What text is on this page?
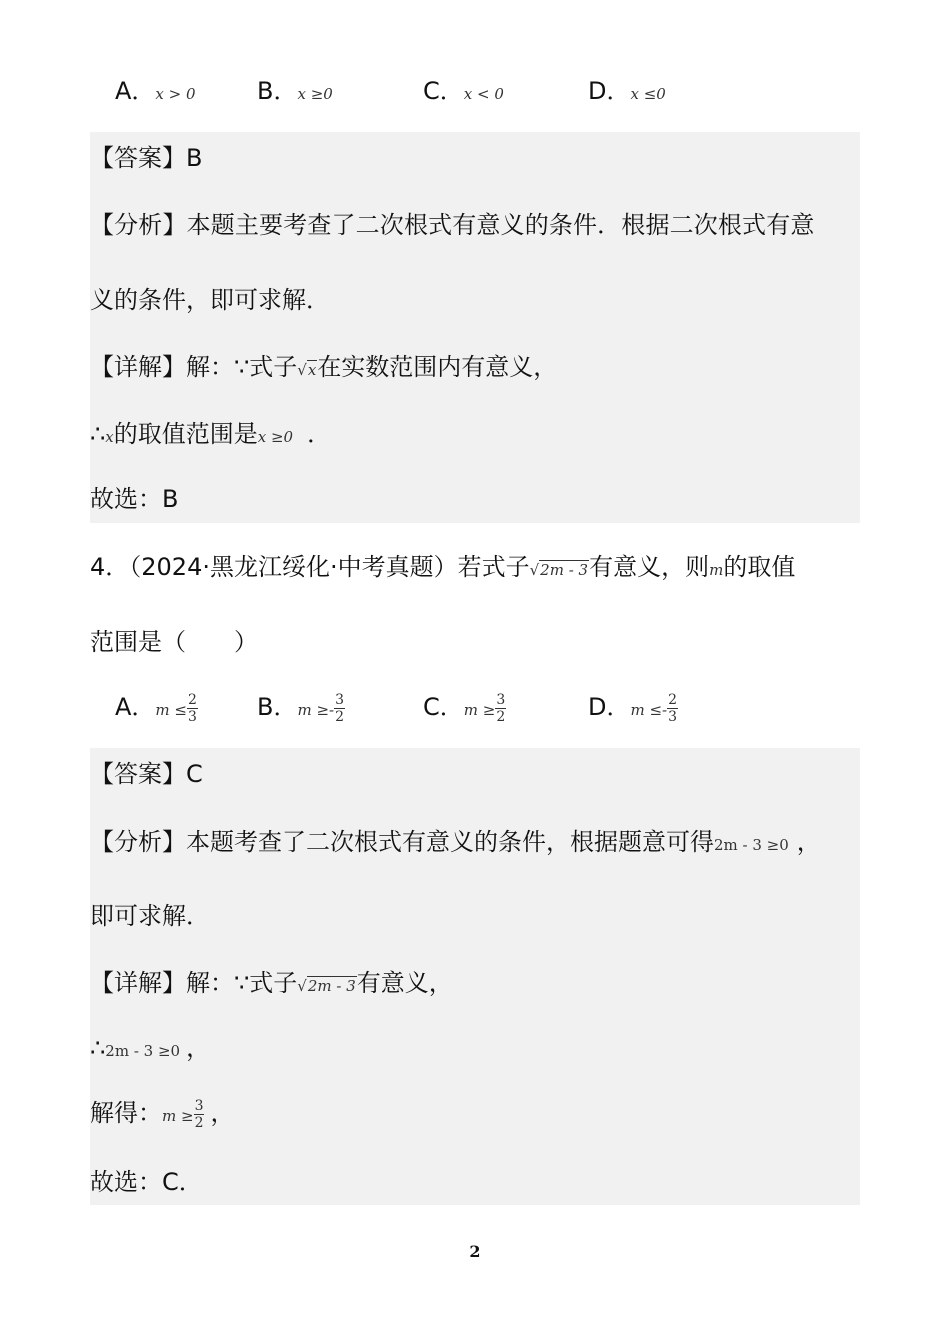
A．x > 0	B．x ≥0	C．x < 0	D．x ≤0
【答案】B
【分析】本题主要考查了二次根式有意义的条件．根据二次根式有意
义的条件，即可求解．
【详解】解：∵式子√x在实数范围内有意义，
∴x的取值范围是x ≥0 ．
故选：B
4．（2024·黑龙江绥化·中考真题）若式子√2m - 3有意义，则m的取值
范围是（　　）
A．$m \le \frac{2}{3}$ B．$m \ge- \frac{3}{2}$	C．$m \ge \frac{3}{2}$	D．$m \le- \frac{2}{3}$
【答案】C
【分析】本题考查了二次根式有意义的条件，根据题意可得2m - 3 ≥0 ，
即可求解．
【详解】解：∵式子√2m - 3有意义，
∴2m - 3 ≥0 ，
解得：$m \ge \frac{3}{2}$ ，
故选：C．
2
